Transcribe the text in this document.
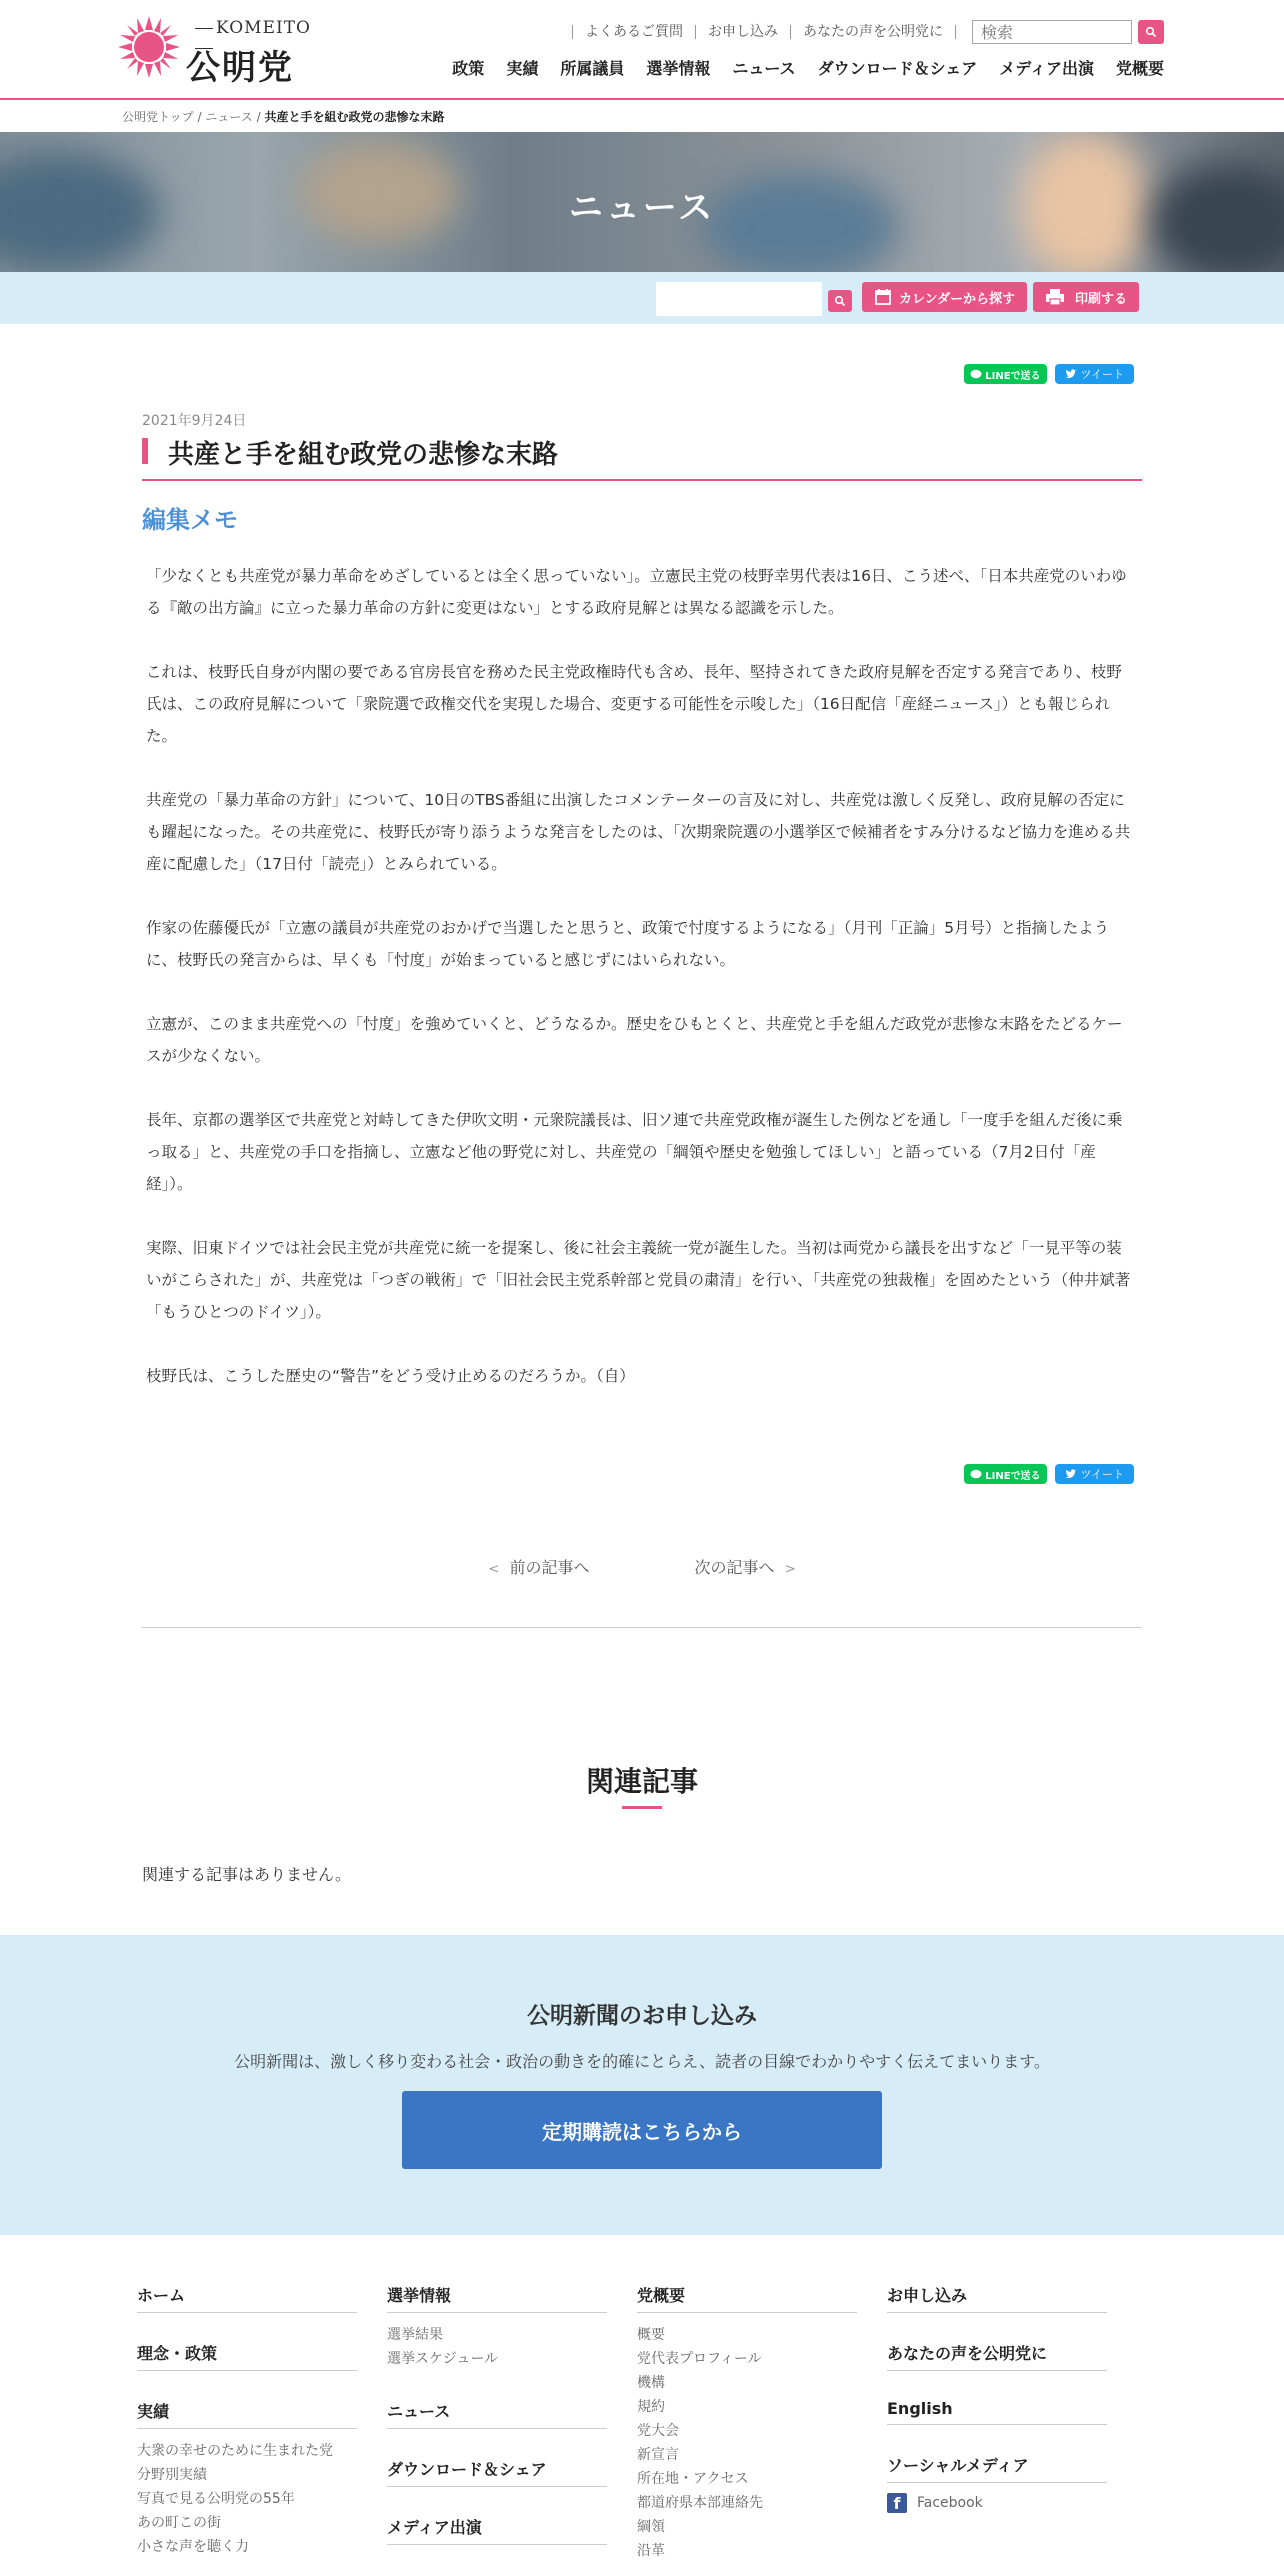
KOMEITO
公明党
よくあるご質問	お申し込み	あなたの声を公明党に
検索
政策 実績 所属議員 選挙情報 ニュース ダウンロード＆シェア メディア出演 党概要
公明党トップ / ニュース / 共産と手を組む政党の悲惨な末路
ニュース
カレンダーから探す	印刷する
LINEで送る	ツイート
2021年9月24日
共産と手を組む政党の悲惨な末路
編集メモ

「少なくとも共産党が暴力革命をめざしているとは全く思っていない」。立憲民主党の枝野幸男代表は16日、こう述べ、「日本共産党のいわゆる『敵の出方論』に立った暴力革命の方針に変更はない」とする政府見解とは異なる認識を示した。

これは、枝野氏自身が内閣の要である官房長官を務めた民主党政権時代も含め、長年、堅持されてきた政府見解を否定する発言であり、枝野氏は、この政府見解について「衆院選で政権交代を実現した場合、変更する可能性を示唆した」（16日配信「産経ニュース」）とも報じられた。

共産党の「暴力革命の方針」について、10日のTBS番組に出演したコメンテーターの言及に対し、共産党は激しく反発し、政府見解の否定にも躍起になった。その共産党に、枝野氏が寄り添うような発言をしたのは、「次期衆院選の小選挙区で候補者をすみ分けるなど協力を進める共産に配慮した」（17日付「読売」）とみられている。

作家の佐藤優氏が「立憲の議員が共産党のおかげで当選したと思うと、政策で忖度するようになる」（月刊「正論」5月号）と指摘したように、枝野氏の発言からは、早くも「忖度」が始まっていると感じずにはいられない。

立憲が、このまま共産党への「忖度」を強めていくと、どうなるか。歴史をひもとくと、共産党と手を組んだ政党が悲惨な末路をたどるケースが少なくない。

長年、京都の選挙区で共産党と対峙してきた伊吹文明・元衆院議長は、旧ソ連で共産党政権が誕生した例などを通し「一度手を組んだ後に乗っ取る」と、共産党の手口を指摘し、立憲など他の野党に対し、共産党の「綱領や歴史を勉強してほしい」と語っている（7月2日付「産経」）。

実際、旧東ドイツでは社会民主党が共産党に統一を提案し、後に社会主義統一党が誕生した。当初は両党から議長を出すなど「一見平等の装いがこらされた」が、共産党は「つぎの戦術」で「旧社会民主党系幹部と党員の粛清」を行い、「共産党の独裁権」を固めたという（仲井斌著「もうひとつのドイツ」）。

枝野氏は、こうした歴史の“警告”をどう受け止めるのだろうか。（自）

LINEで送る	ツイート
< 前の記事へ	次の記事へ >
関連記事
関連する記事はありません。
公明新聞のお申し込み
公明新聞は、激しく移り変わる社会・政治の動きを的確にとらえ、読者の目線でわかりやすく伝えてまいります。
定期購読はこちらから
ホーム
理念・政策
実績
大衆の幸せのために生まれた党
分野別実績
写真で見る公明党の55年
あの町この街
小さな声を聴く力
選挙情報
選挙結果
選挙スケジュール
ニュース
ダウンロード＆シェア
メディア出演
党概要
概要
党代表プロフィール
機構
規約
党大会
新宣言
所在地・アクセス
都道府県本部連絡先
綱領
沿革
お申し込み
あなたの声を公明党に
English
ソーシャルメディア
f	Facebook
